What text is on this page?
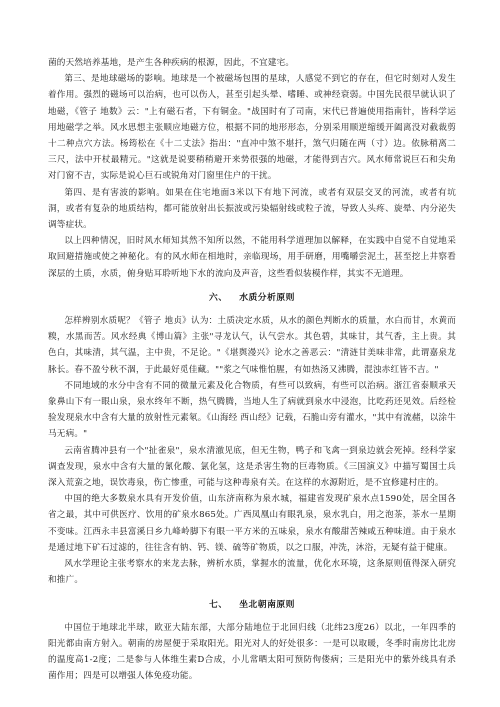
菌的天然培养基地，是产生各种疾病的根源，因此，不宜建宅。

第三、是地球磁场的影响。地球是一个被磁场包围的星球，人感觉不到它的存在，但它时刻对人发生着作用。强烈的磁场可以治病，也可以伤人，甚至引起头晕、嗜睡、或神经衰弱。中国先民很早就认识了地磁，《管子 地数》云："上有磁石者，下有铜金。"战国时有了司南，宋代已普遍使用指南针，皆科学运用地磁学之举。风水思想主张顺应地磁方位，根据不同的地形形态，分别采用顺逆缩缓开阖离没对截裁剪十二种点穴方法。杨筠松在《十二丈法》指出："直冲中煞不堪扦，煞气归随在两（寸）边。依脉稍离二三尺，法中开杖最精元。"这就是说要稍稍避开来势很强的地磁，才能得到吉穴。风水师常说巨石和尖角对门窗不吉，实际是说心巨石或锐角对门窗里住户的干扰。

第四、是有害波的影响。如果在住宅地面3米以下有地下河流，或者有双层交叉的河流，或者有坑洞，或者有复杂的地质结构，都可能放射出长振波或污染辐射线或粒子流，导致人头疼、旋晕、内分泌失调等症状。

以上四种情况，旧时风水师知其然不知所以然，不能用科学道理加以解释，在实践中自觉不自觉地采取回避措施或使之神秘化。有的风水师在相地时，亲临现场，用手研磨，用嘴嚼尝泥土，甚至挖上井察看深层的土质，水质，俯身贴耳聆听地下水的流向及声音，这些看似装模作样，其实不无道理。

六、 水质分析原则

怎样辨别水质呢？《管子 地贞》认为：土质决定水质，从水的颜色判断水的质量，水白而甘，水黄而糗，水黑而苦。风水经典《博山篇》主张"寻龙认气，认气尝水。其色碧，其味甘，其气香，主上贵。其色白，其味清，其气温，主中贵，不足论。"《堪舆漫兴》论水之善恶云："清涟甘美味非常，此谓嘉泉龙脉长。春不盈兮秋不涸，于此最好觅佳藏。""浆之气味惟怕腥，有如热汤又沸腾，混浊赤红皆不吉。"

不同地域的水分中含有不同的微量元素及化合物质，有些可以致病，有些可以治病。浙江省泰顺承天象鼻山下有一眼山泉，泉水终年不断，热气腾腾，当地人生了病就到泉水中浸泡，比吃药还见效。后经检验发现泉水中含有大量的放射性元素氡。《山海经 西山经》记载，石脆山旁有灌水，"其中有流赭，以涂牛马无病。"

云南省腾冲县有一个"扯雀泉"，泉水清澈见底，但无生物，鸭子和飞禽一到泉边就会死掉。经科学家调查发现，泉水中含有大量的氰化酸、氯化氢，这是杀害生物的巨毒物质。《三国演义》中描写蜀国士兵深入荒蛮之地，误饮毒泉，伤亡惨重，可能与这种毒泉有关。在这样的水源附近，是不宜修建村庄的。

中国的绝大多数泉水具有开发价值，山东济南称为泉水城，福建省发现矿泉水点1590处，居全国各省之最，其中可供医疗、饮用的矿泉水865处。广西凤凰山有眼乳泉，泉水乳白，用之泡茶，茶水一星期不变味。江西永丰县富溪日乡九峰岭脚下有眼一平方米的五味泉，泉水有酸甜苦辣咸五种味道。由于泉水是通过地下矿石过滤的，往往含有钠、钙、镁、硫等矿物质，以之口服，冲洗，沐浴，无疑有益于健康。

风水学理论主张考察水的来龙去脉，辨析水质，掌握水的流量，优化水环境，这条原则值得深入研究和推广。

七、 坐北朝南原则

中国位于地球北半球，欧亚大陆东部，大部分陆地位于北回归线（北纬23度26）以北，一年四季的阳光都由南方射入。朝南的房屋便于采取阳光。阳光对人的好处很多：一是可以取暖，冬季时南房比北房的温度高1-2度；二是参与人体维生素D合成，小儿常晒太阳可预防佝偻病；三是阳光中的紫外线具有杀菌作用；四是可以增强人体免疫功能。
